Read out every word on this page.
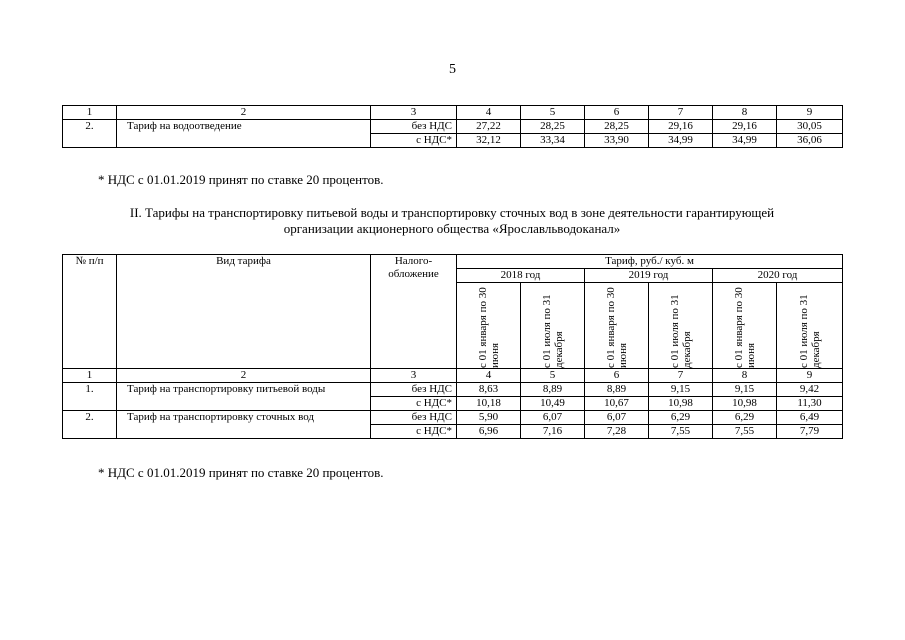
5
1	2	3	4	5	6	7	8	9
2.	Тариф на водоотведение	без НДС	27,22	28,25	28,25	29,16	29,16	30,05
		с НДС*	32,12	33,34	33,90	34,99	34,99	36,06
* НДС с 01.01.2019 принят по ставке 20 процентов.
II. Тарифы на транспортировку питьевой воды и транспортировку сточных вод в зоне деятельности гарантирующей
организации акционерного общества «Ярославльводоканал»
№ п/п	Вид тарифа	Налого- обложение	Тариф, руб./ куб. м					
			2018 год		2019 год		2020 год	

			с 01 января по 30 июня	с 01 июля по 31 декабря	с 01 января по 30 июня	с 01 июля по 31 декабря	с 01 января по 30 июня	с 01 июля по 31 декабря

1	2	3	4	5	6	7	8	9
1.	Тариф на транспортировку питьевой воды	без НДС	8,63	8,89	8,89	9,15	9,15	9,42
		с НДС*	10,18	10,49	10,67	10,98	10,98	11,30
2.	Тариф на транспортировку сточных вод	без НДС	5,90	6,07	6,07	6,29	6,29	6,49
		с НДС*	6,96	7,16	7,28	7,55	7,55	7,79
* НДС с 01.01.2019 принят по ставке 20 процентов.
